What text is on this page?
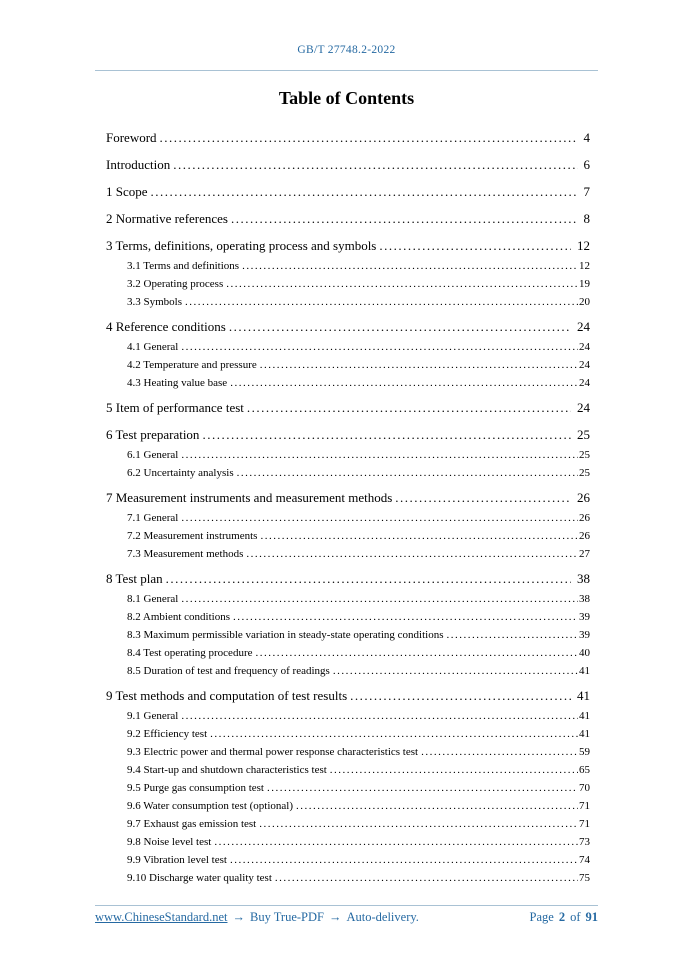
GB/T 27748.2-2022
Table of Contents
Foreword .....	4
Introduction .....	6
1 Scope .....	7
2 Normative references .....	8
3 Terms, definitions, operating process and symbols .....	12
3.1 Terms and definitions .....	12
3.2 Operating process .....	19
3.3 Symbols .....	20
4 Reference conditions .....	24
4.1 General .....	24
4.2 Temperature and pressure .....	24
4.3 Heating value base .....	24
5 Item of performance test .....	24
6 Test preparation .....	25
6.1 General .....	25
6.2 Uncertainty analysis .....	25
7 Measurement instruments and measurement methods .....	26
7.1 General .....	26
7.2 Measurement instruments .....	26
7.3 Measurement methods .....	27
8 Test plan .....	38
8.1 General .....	38
8.2 Ambient conditions .....	39
8.3 Maximum permissible variation in steady-state operating conditions .....	39
8.4 Test operating procedure .....	40
8.5 Duration of test and frequency of readings .....	41
9 Test methods and computation of test results .....	41
9.1 General .....	41
9.2 Efficiency test .....	41
9.3 Electric power and thermal power response characteristics test .....	59
9.4 Start-up and shutdown characteristics test .....	65
9.5 Purge gas consumption test .....	70
9.6 Water consumption test (optional) .....	71
9.7 Exhaust gas emission test .....	71
9.8 Noise level test .....	73
9.9 Vibration level test .....	74
9.10 Discharge water quality test .....	75
www.ChineseStandard.net → Buy True-PDF → Auto-delivery.	Page 2 of 91
